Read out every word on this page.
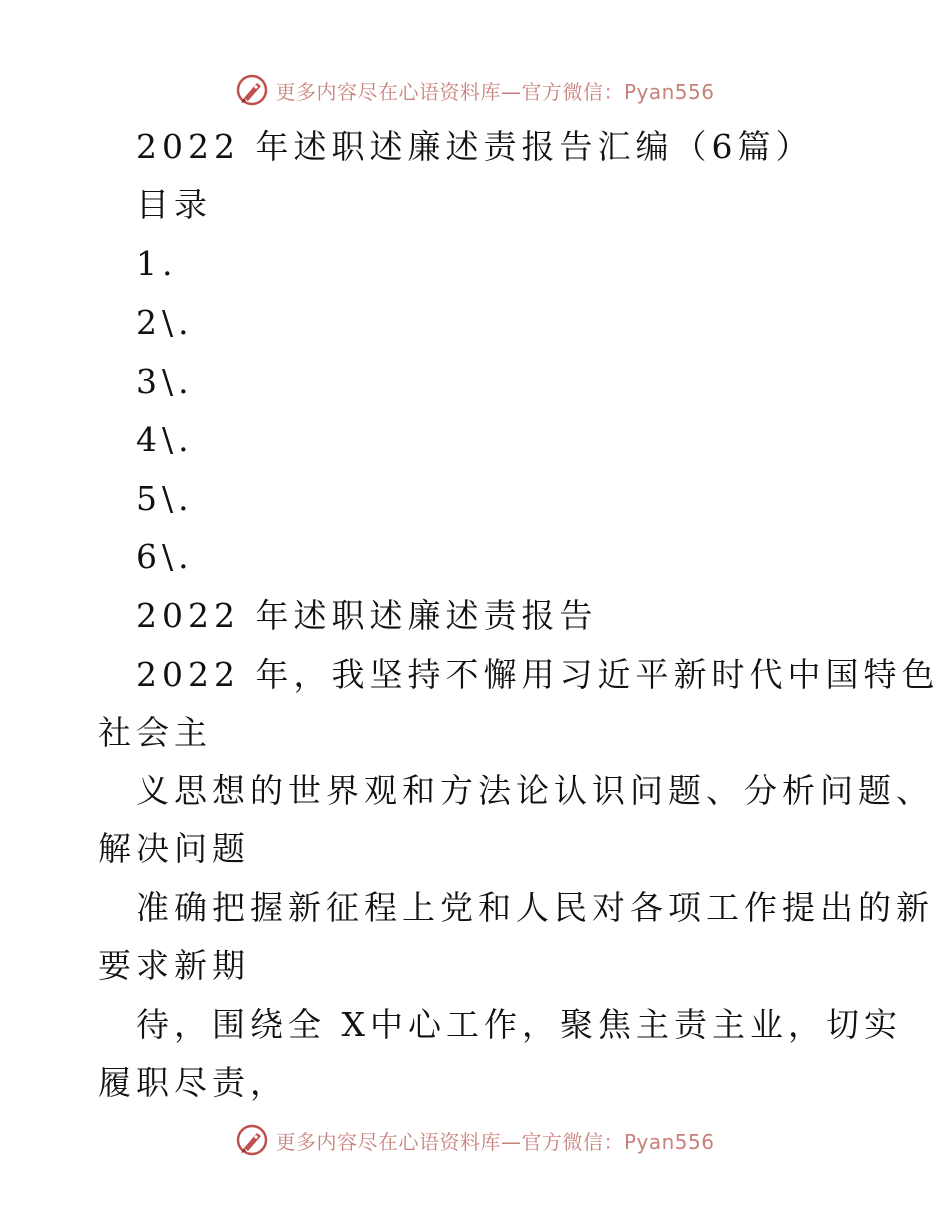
更多内容尽在心语资料库—官方微信：Pyan556
2022 年述职述廉述责报告汇编（6篇）
目录
1.
2\.
3\.
4\.
5\.
6\.
2022 年述职述廉述责报告
2022 年，我坚持不懈用习近平新时代中国特色
社会主
义思想的世界观和方法论认识问题、分析问题、
解决问题
准确把握新征程上党和人民对各项工作提出的新
要求新期
待，围绕全 X中心工作，聚焦主责主业，切实
履职尽责，
更多内容尽在心语资料库—官方微信：Pyan556
